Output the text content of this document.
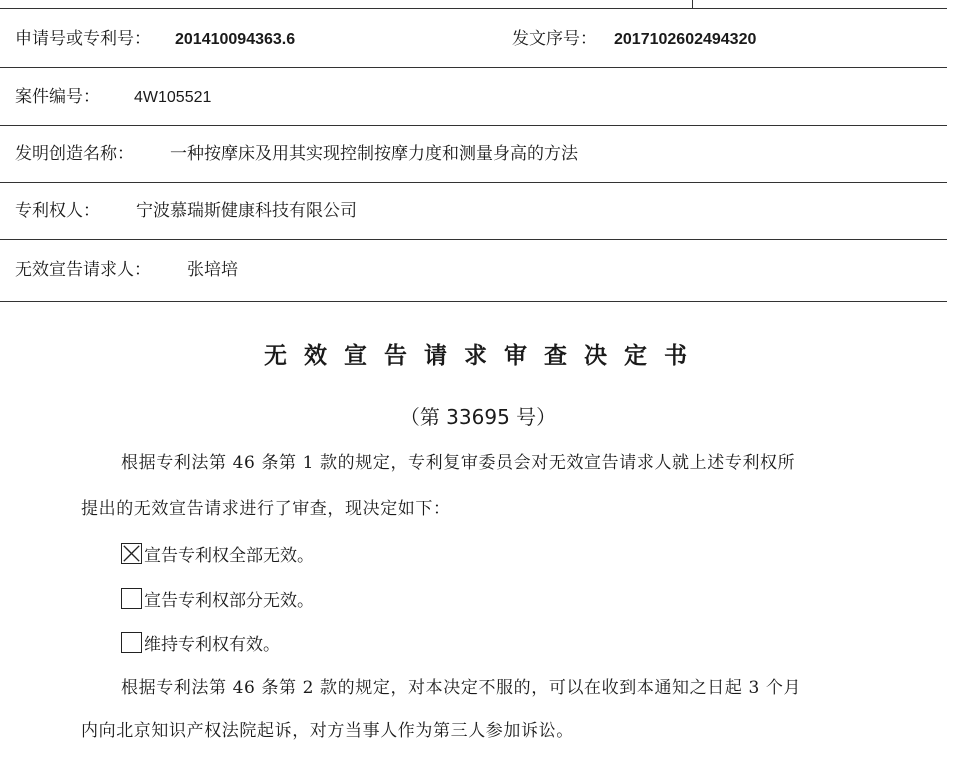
申请号或专利号： 201410094363.6	发文序号： 2017102602494320
案件编号： 4W105521
发明创造名称： 一种按摩床及用其实现控制按摩力度和测量身高的方法
专利权人： 宁波慕瑞斯健康科技有限公司
无效宣告请求人： 张培培
无效宣告请求审查决定书
（第 33695 号）
根据专利法第 46 条第 1 款的规定，专利复审委员会对无效宣告请求人就上述专利权所
提出的无效宣告请求进行了审查，现决定如下：
宣告专利权全部无效。
宣告专利权部分无效。
维持专利权有效。
根据专利法第 46 条第 2 款的规定，对本决定不服的，可以在收到本通知之日起 3 个月
内向北京知识产权法院起诉，对方当事人作为第三人参加诉讼。
